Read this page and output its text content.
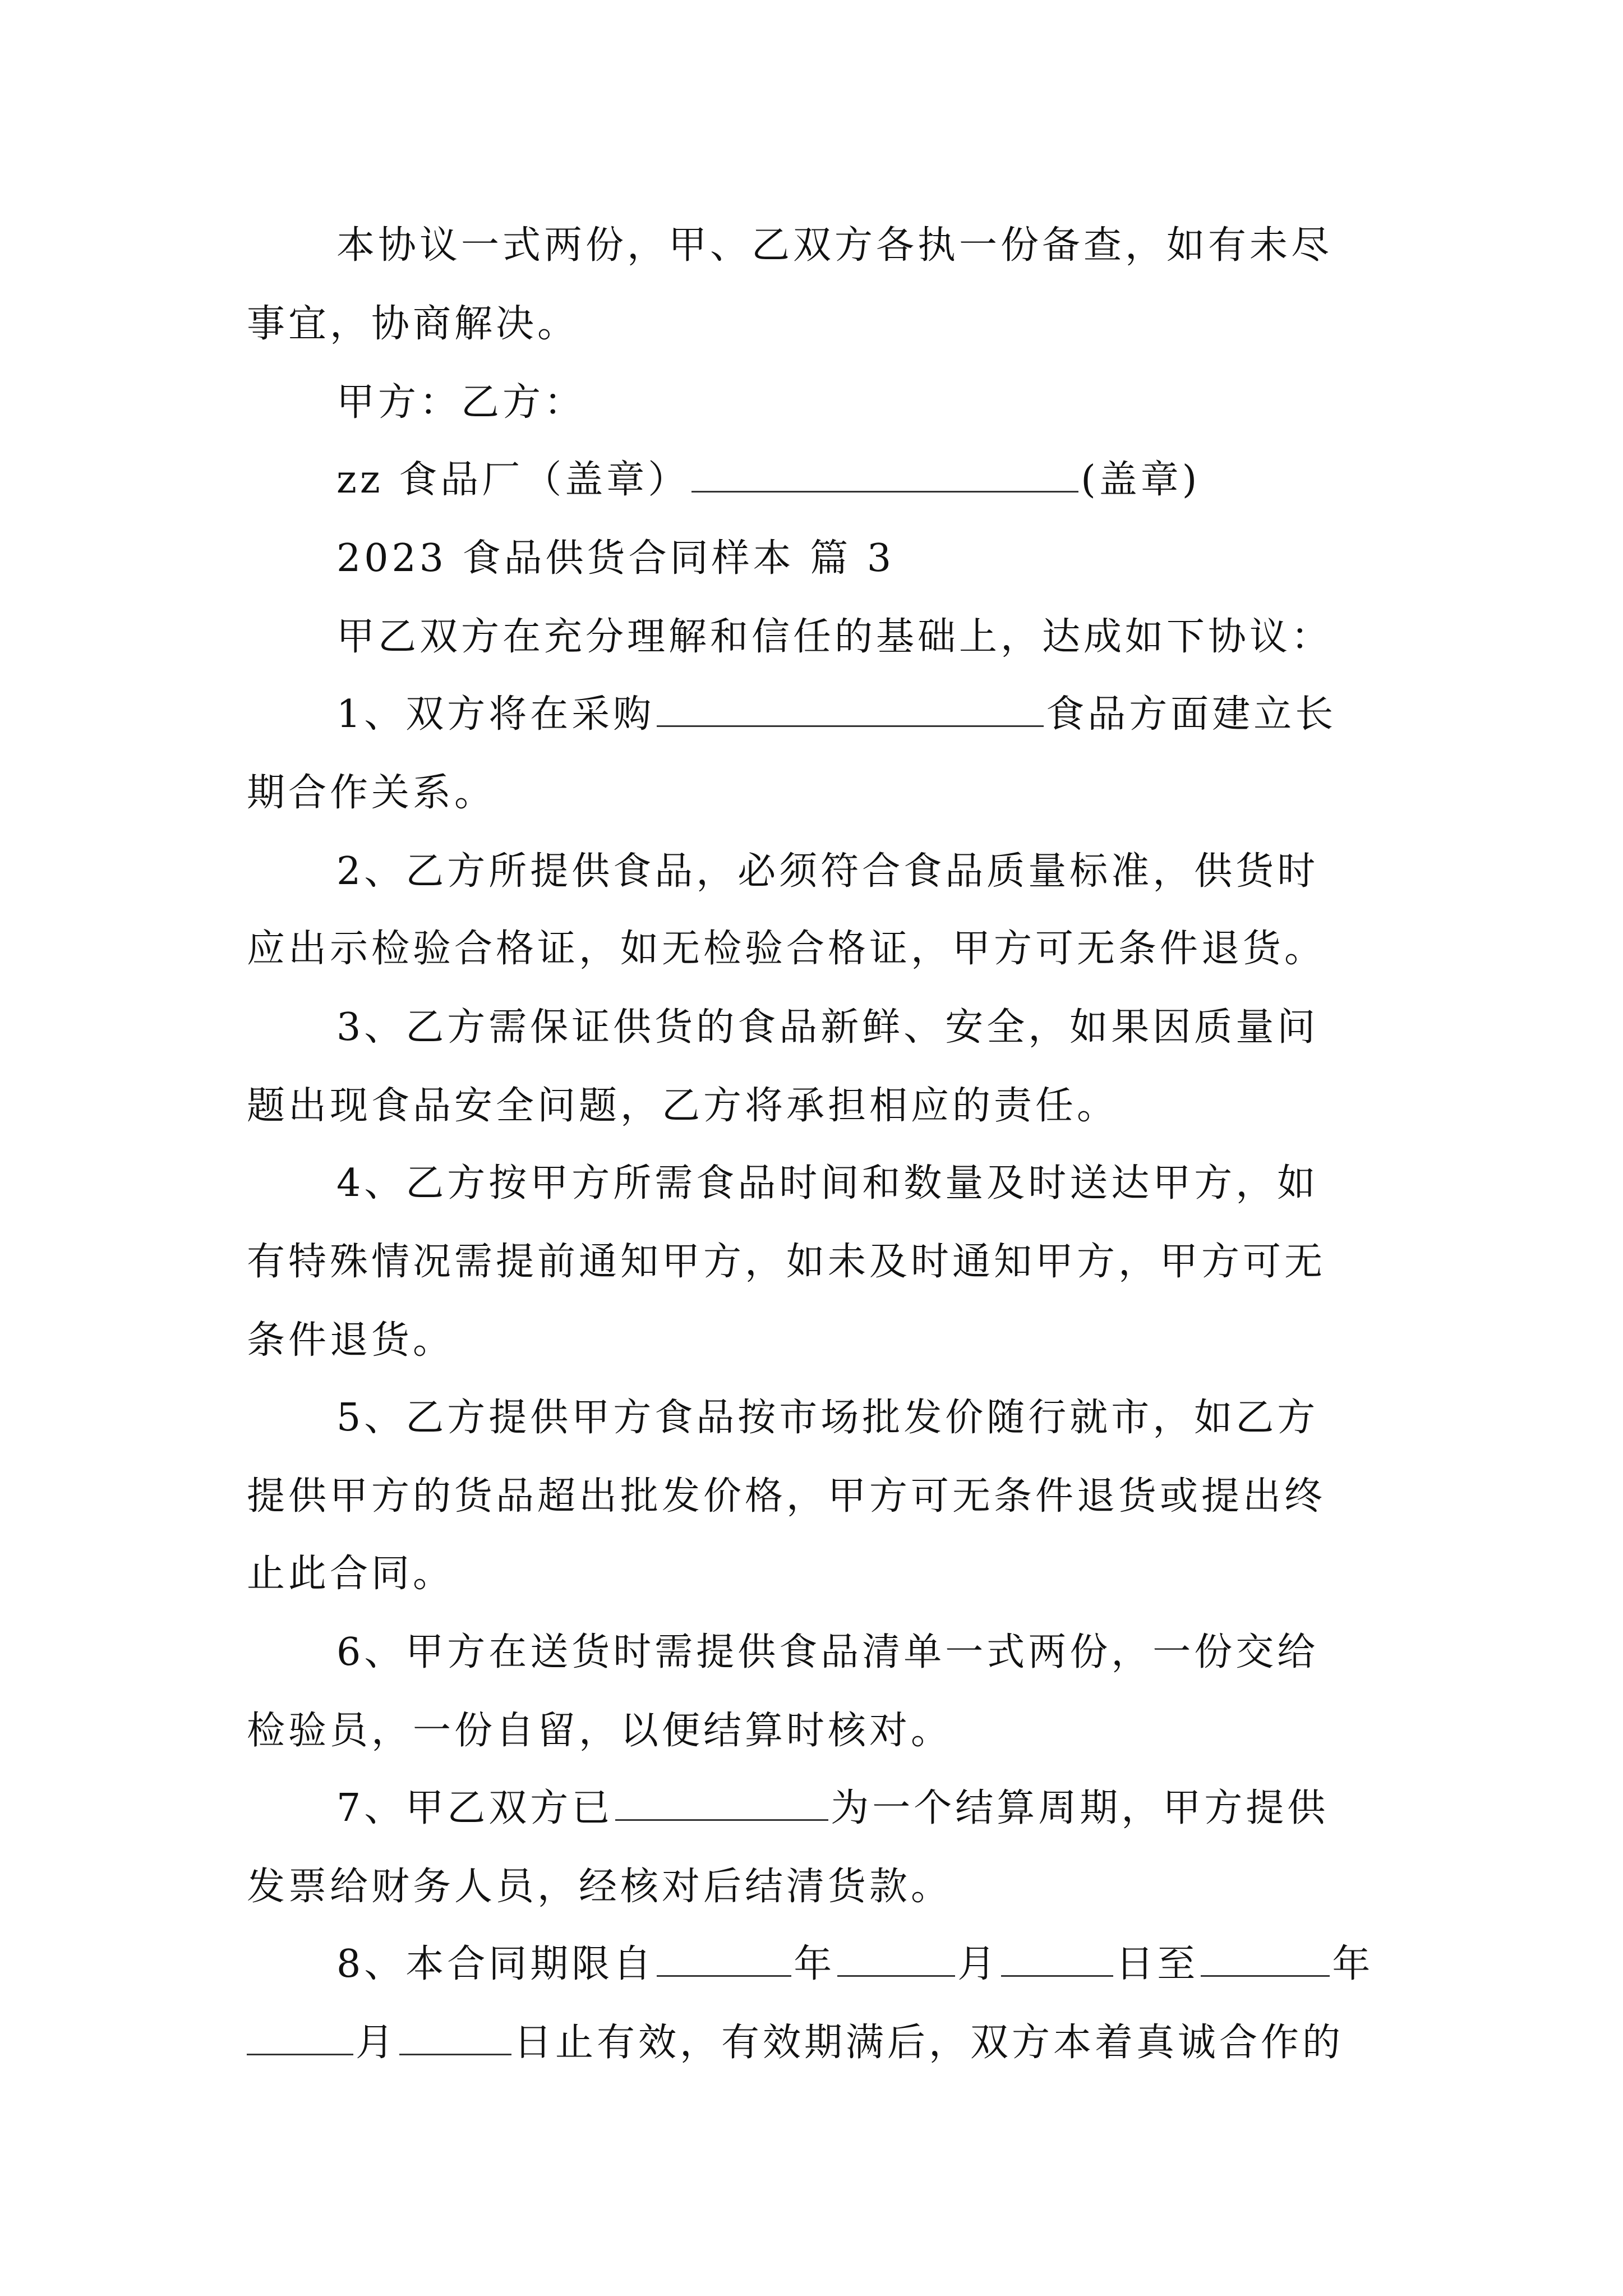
本协议一式两份，甲、乙双方各执一份备查，如有未尽
事宜，协商解决。
甲方：乙方：
zz 食品厂（盖章）	(盖章)
2023 食品供货合同样本 篇 3
甲乙双方在充分理解和信任的基础上，达成如下协议：
1、双方将在采购	食品方面建立长
期合作关系。
2、乙方所提供食品，必须符合食品质量标准，供货时
应出示检验合格证，如无检验合格证，甲方可无条件退货。
3、乙方需保证供货的食品新鲜、安全，如果因质量问
题出现食品安全问题，乙方将承担相应的责任。
4、乙方按甲方所需食品时间和数量及时送达甲方，如
有特殊情况需提前通知甲方，如未及时通知甲方，甲方可无
条件退货。
5、乙方提供甲方食品按市场批发价随行就市，如乙方
提供甲方的货品超出批发价格，甲方可无条件退货或提出终
止此合同。
6、甲方在送货时需提供食品清单一式两份，一份交给
检验员，一份自留，以便结算时核对。
7、甲乙双方已	为一个结算周期，甲方提供
发票给财务人员，经核对后结清货款。
8、本合同期限自	年	月	日至	年
月	日止有效，有效期满后，双方本着真诚合作的
